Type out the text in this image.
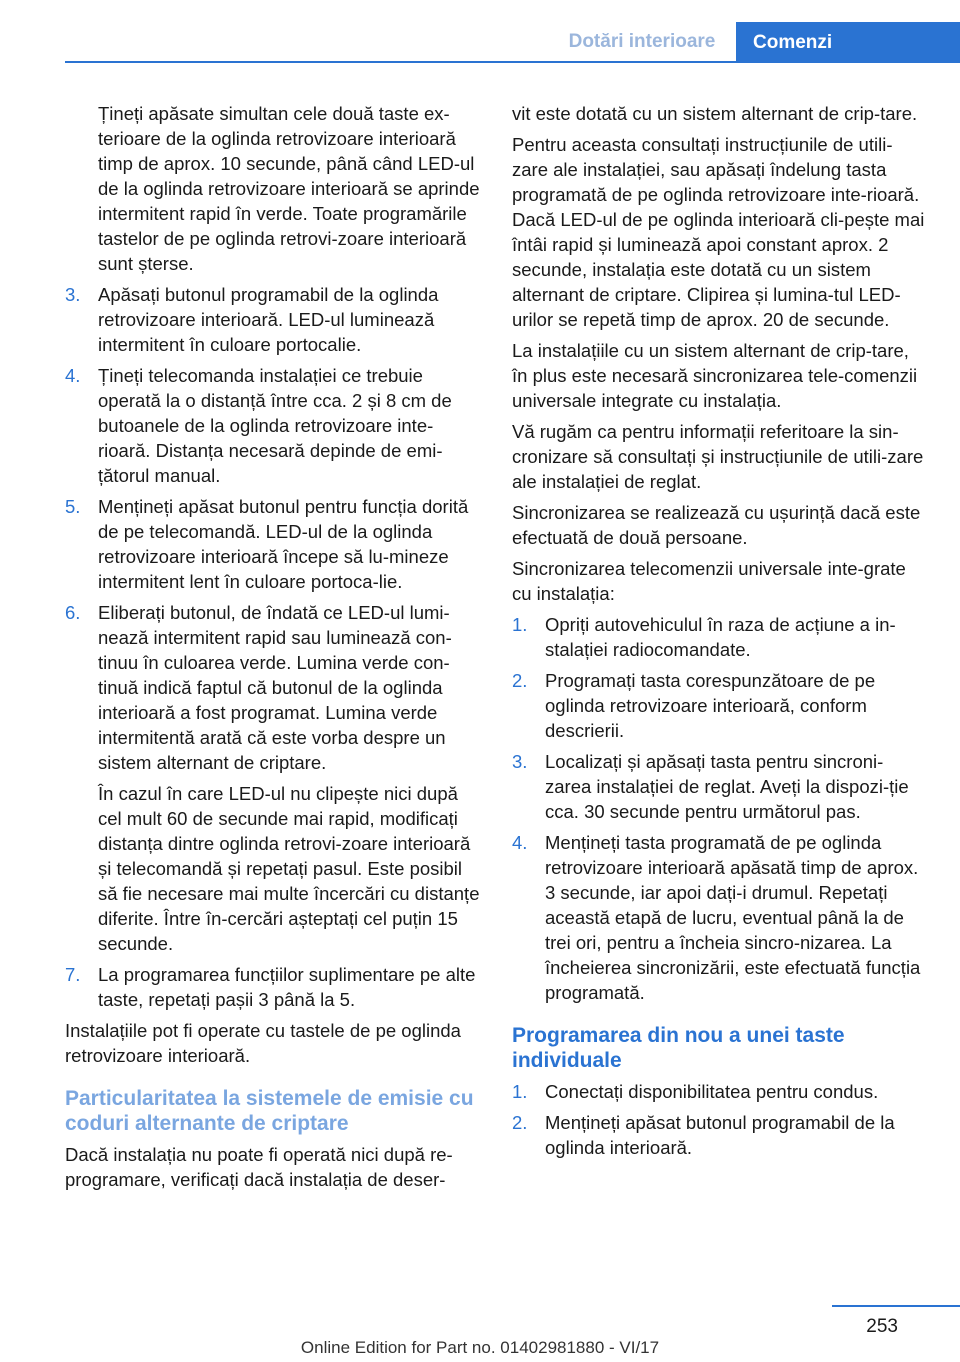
Dotări interioare	Comenzi
Țineți apăsate simultan cele două taste ex-terioare de la oglinda retrovizoare interioară timp de aprox. 10 secunde, până când LED-ul de la oglinda retrovizoare interioară se aprinde intermitent rapid în verde. Toate programările tastelor de pe oglinda retrovi-zoare interioară sunt șterse.
3. Apăsați butonul programabil de la oglinda retrovizoare interioară. LED-ul luminează intermitent în culoare portocalie.
4. Țineți telecomanda instalației ce trebuie operată la o distanță între cca. 2 și 8 cm de butoanele de la oglinda retrovizoare inte-rioară. Distanța necesară depinde de emi-țătorul manual.
5. Mențineți apăsat butonul pentru funcția dorită de pe telecomandă. LED-ul de la oglinda retrovizoare interioară începe să lu-mineze intermitent lent în culoare portoca-lie.
6. Eliberați butonul, de îndată ce LED-ul lumi-nează intermitent rapid sau luminează con-tinuu în culoarea verde. Lumina verde con-tinuă indică faptul că butonul de la oglinda interioară a fost programat. Lumina verde intermitentă arată că este vorba despre un sistem alternant de criptare.
În cazul în care LED-ul nu clipește nici după cel mult 60 de secunde mai rapid, modificați distanța dintre oglinda retrovi-zoare interioară și telecomandă și repetați pasul. Este posibil să fie necesare mai multe încercări cu distanțe diferite. Între în-cercări așteptați cel puțin 15 secunde.
7. La programarea funcțiilor suplimentare pe alte taste, repetați pașii 3 până la 5.

Instalațiile pot fi operate cu tastele de pe oglinda retrovizoare interioară.

Particularitatea la sistemele de emisie cu coduri alternante de criptare

Dacă instalația nu poate fi operată nici după re-programare, verificați dacă instalația de deser-

vit este dotată cu un sistem alternant de crip-tare.

Pentru aceasta consultați instrucțiunile de utili-zare ale instalației, sau apăsați îndelung tasta programată de pe oglinda retrovizoare inte-rioară. Dacă LED-ul de pe oglinda interioară cli-pește mai întâi rapid și luminează apoi constant aprox. 2 secunde, instalația este dotată cu un sistem alternant de criptare. Clipirea și lumina-tul LED-urilor se repetă timp de aprox. 20 de secunde.

La instalațiile cu un sistem alternant de crip-tare, în plus este necesară sincronizarea tele-comenzii universale integrate cu instalația.

Vă rugăm ca pentru informații referitoare la sin-cronizare să consultați și instrucțiunile de utili-zare ale instalației de reglat.

Sincronizarea se realizează cu ușurință dacă este efectuată de două persoane.

Sincronizarea telecomenzii universale inte-grate cu instalația:

1. Opriți autovehiculul în raza de acțiune a in-stalației radiocomandate.
2. Programați tasta corespunzătoare de pe oglinda retrovizoare interioară, conform descrierii.
3. Localizați și apăsați tasta pentru sincroni-zarea instalației de reglat. Aveți la dispozi-ție cca. 30 secunde pentru următorul pas.
4. Mențineți tasta programată de pe oglinda retrovizoare interioară apăsată timp de aprox. 3 secunde, iar apoi dați-i drumul. Repetați această etapă de lucru, eventual până la de trei ori, pentru a încheia sincro-nizarea. La încheierea sincronizării, este efectuată funcția programată.
Programarea din nou a unei taste individuale
1. Conectați disponibilitatea pentru condus.
2. Mențineți apăsat butonul programabil de la oglinda interioară.
253
Online Edition for Part no. 01402981880 - VI/17
